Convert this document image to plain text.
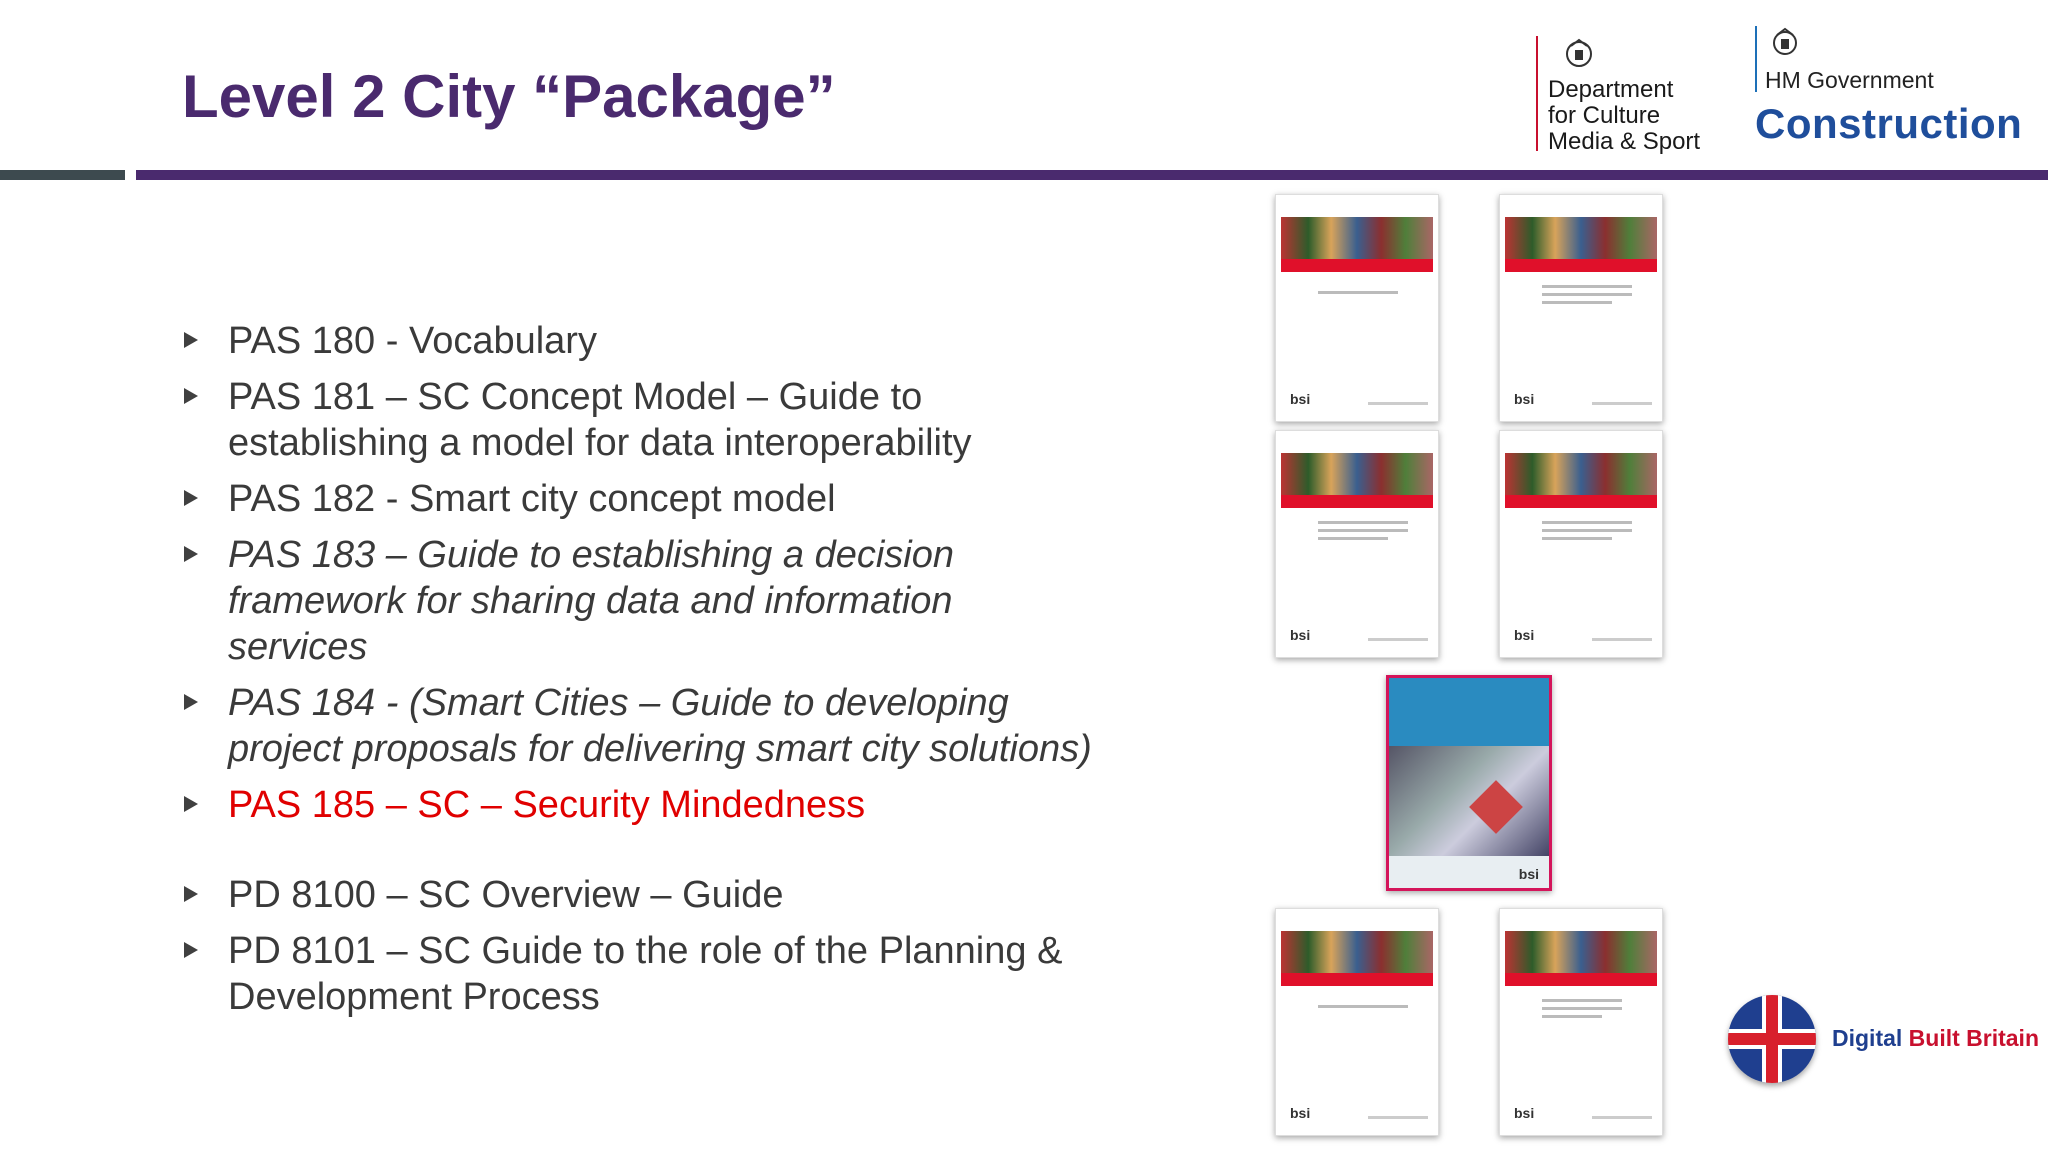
Level 2 City “Package”	Department
for Culture
Media & Sport
HM Government
Construction
PAS 180 - Vocabulary
PAS 181 – SC Concept Model – Guide to establishing a model for data interoperability
PAS 182 - Smart city concept model
PAS 183 – Guide to establishing a decision framework for sharing data and information services
PAS 184 - (Smart Cities – Guide to developing project proposals for delivering smart city solutions)
PAS 185 – SC – Security Mindedness
PD 8100 – SC Overview – Guide
PD 8101 – SC Guide to the role of the Planning & Development Process
bsi	bsi
bsi	bsi
bsi
bsi	bsi
Digital Built Britain
